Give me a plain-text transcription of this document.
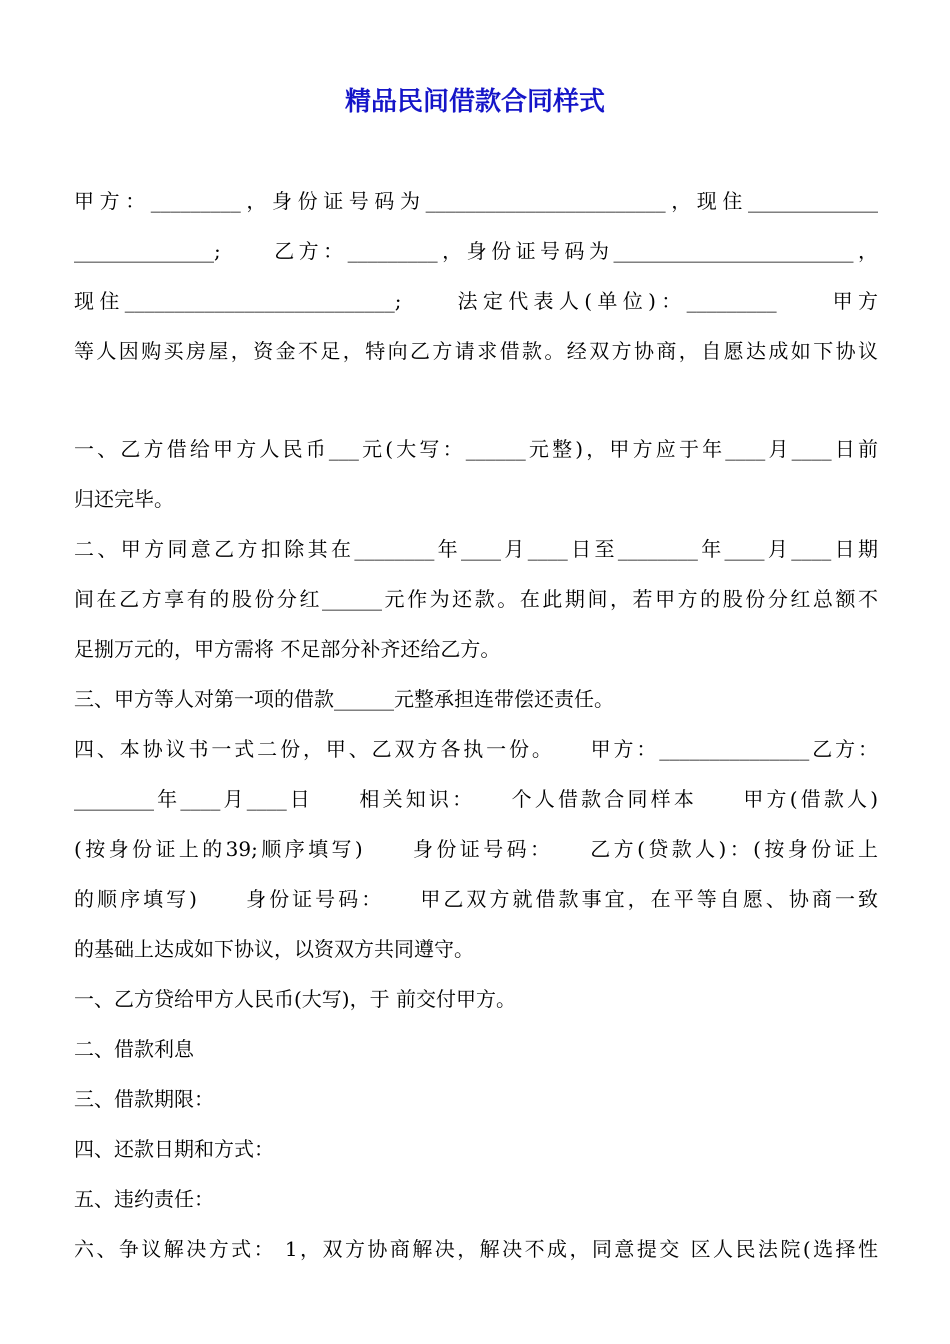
精品民间借款合同样式
甲方：_________，身份证号码为________________________，现住_____________
______________;　　乙方：_________，身份证号码为________________________，
现住___________________________;　　法定代表人(单位)：_________　　甲方
等人因购买房屋，资金不足，特向乙方请求借款。经双方协商，自愿达成如下协议
一、乙方借给甲方人民币___元(大写：______元整)，甲方应于年____月____日前
归还完毕。
二、甲方同意乙方扣除其在________年____月____日至________年____月____日期
间在乙方享有的股份分红______元作为还款。在此期间，若甲方的股份分红总额不
足捌万元的，甲方需将 不足部分补齐还给乙方。
三、甲方等人对第一项的借款______元整承担连带偿还责任。
四、本协议书一式二份，甲、乙双方各执一份。　　甲方：_______________乙方：
________年____月____日　　相关知识：　　个人借款合同样本　　甲方(借款人)
(按身份证上的39;顺序填写)　　身份证号码：　　乙方(贷款人)：(按身份证上
的顺序填写)　　身份证号码：　　甲乙双方就借款事宜，在平等自愿、协商一致
的基础上达成如下协议，以资双方共同遵守。
一、乙方贷给甲方人民币(大写)，于 前交付甲方。
二、借款利息
三、借款期限：
四、还款日期和方式：
五、违约责任：
六、争议解决方式： 1，双方协商解决，解决不成，同意提交 区人民法院(选择性
